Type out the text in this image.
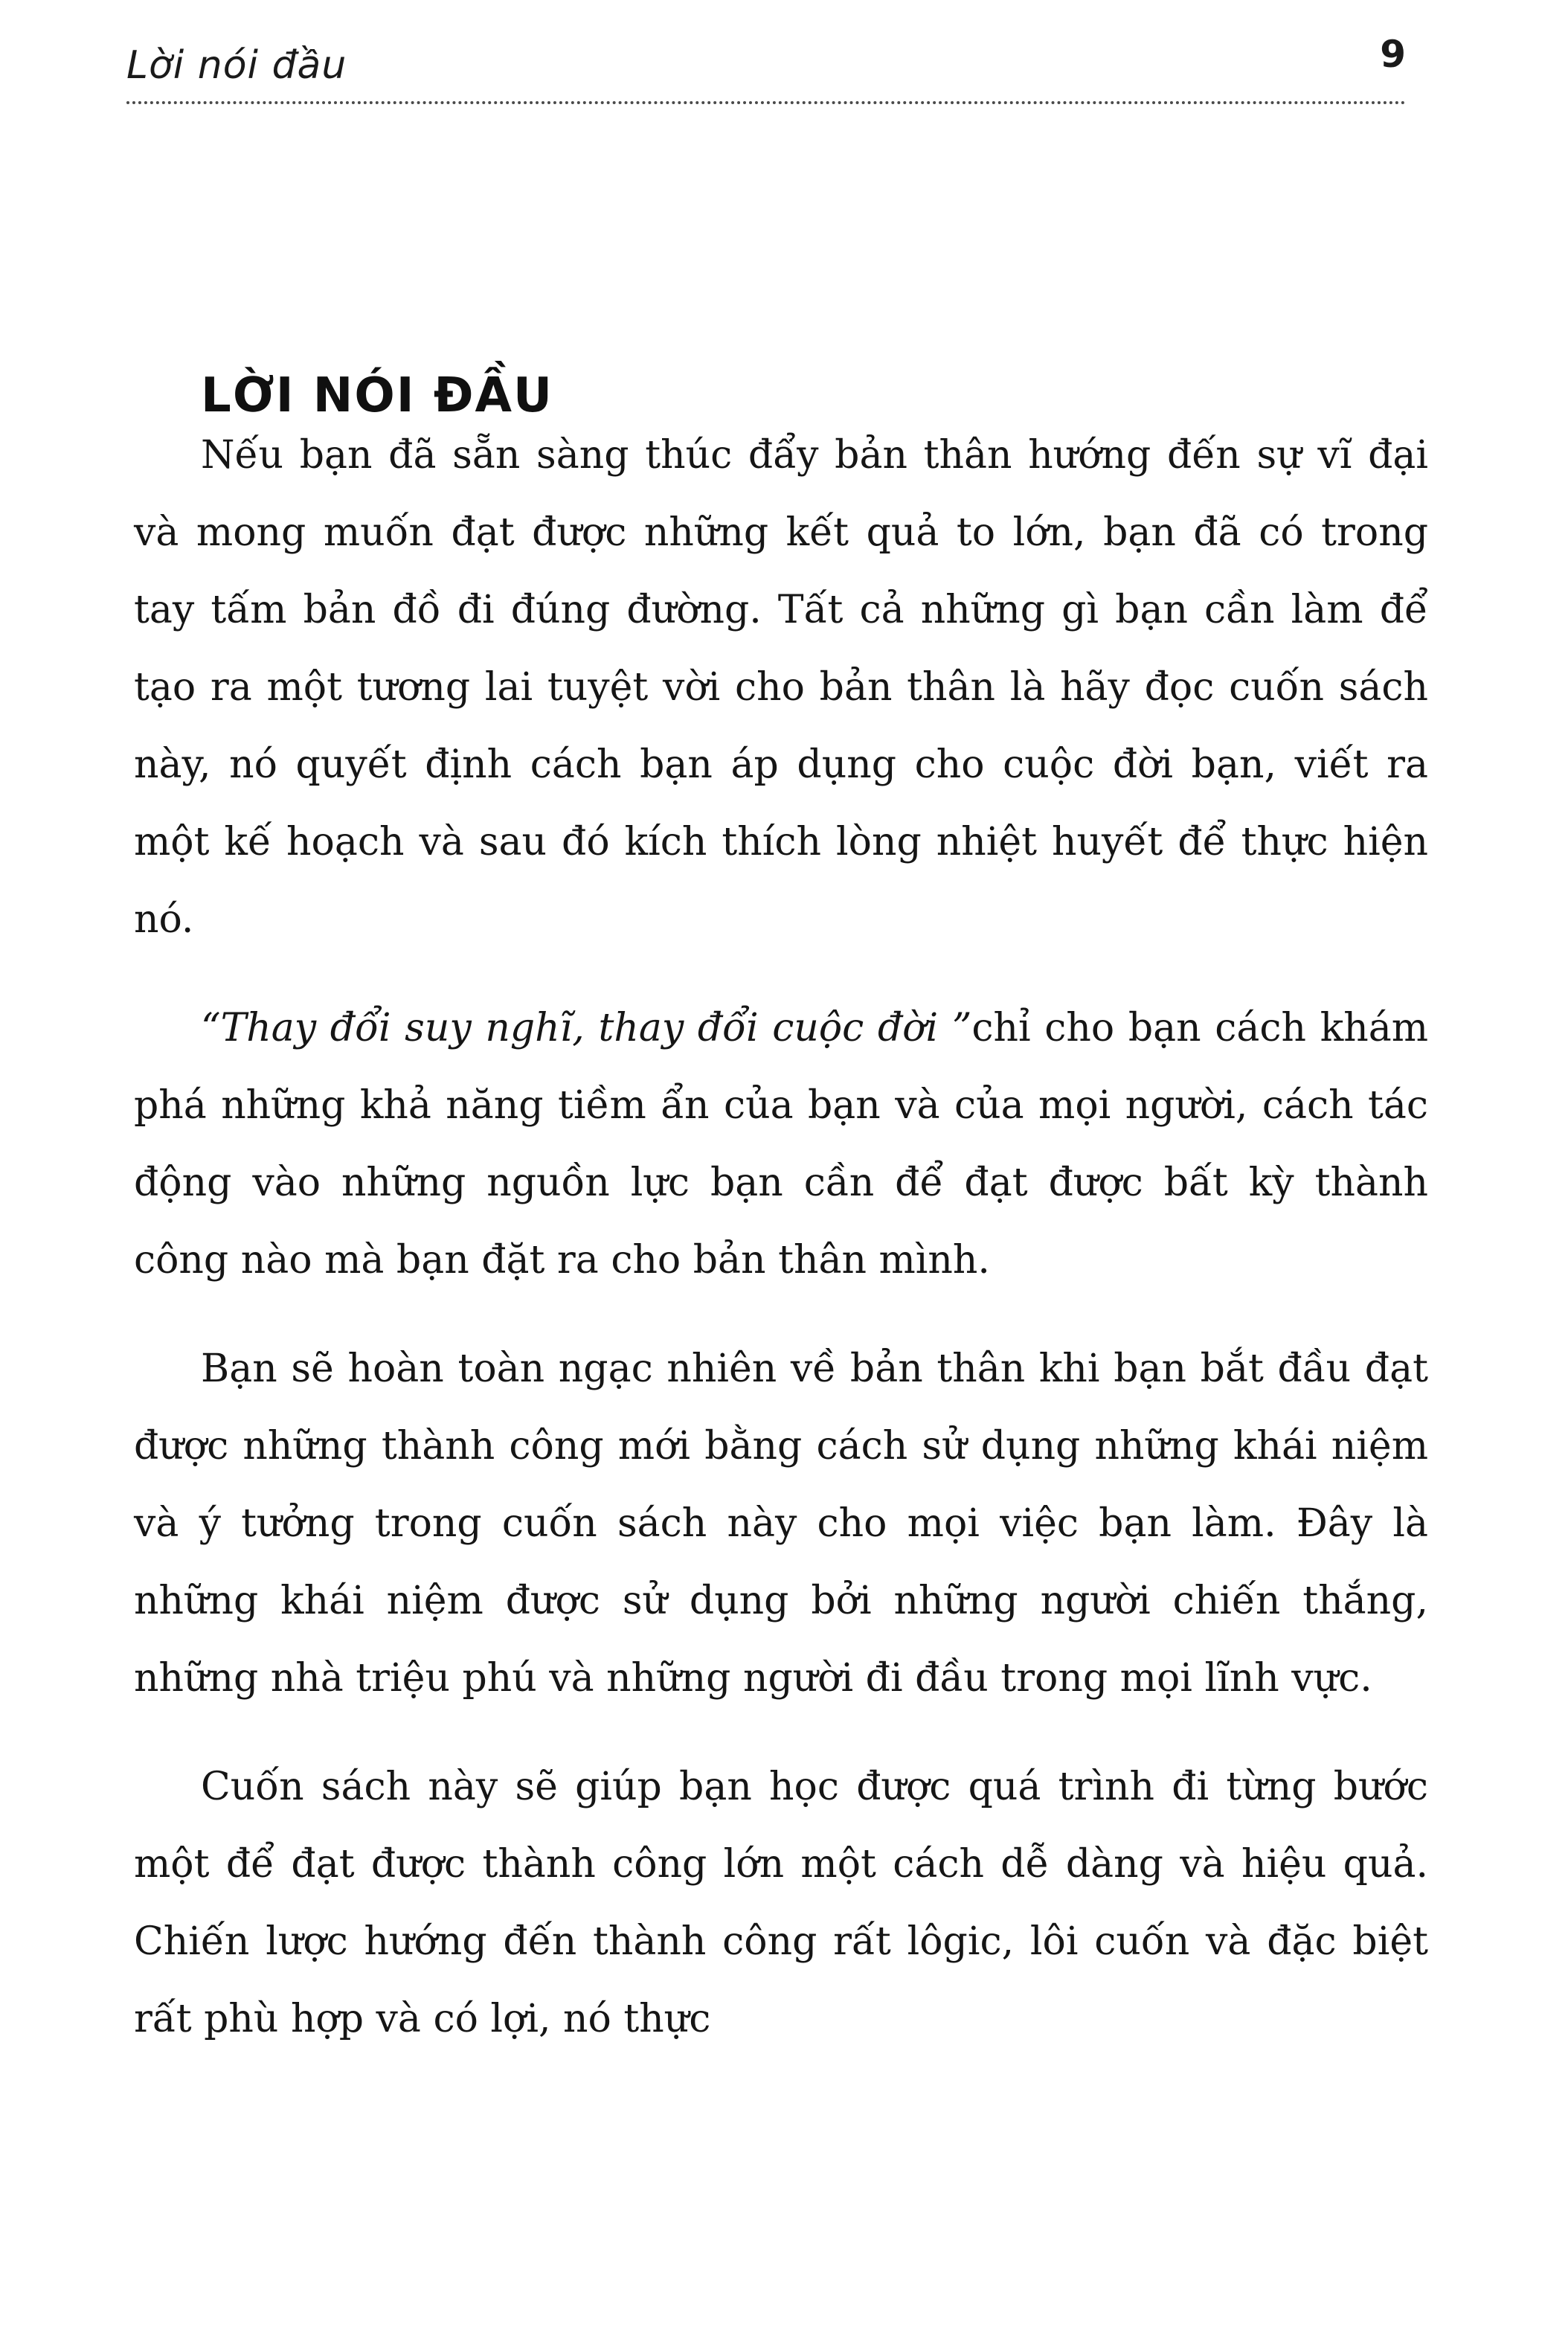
Lời nói đầu	9
LỜI NÓI ĐẦU

Nếu bạn đã sẵn sàng thúc đẩy bản thân hướng đến sự vĩ đại và mong muốn đạt được những kết quả to lớn, bạn đã có trong tay tấm bản đồ đi đúng đường. Tất cả những gì bạn cần làm để tạo ra một tương lai tuyệt vời cho bản thân là hãy đọc cuốn sách này, nó quyết định cách bạn áp dụng cho cuộc đời bạn, viết ra một kế hoạch và sau đó kích thích lòng nhiệt huyết để thực hiện nó.

“Thay đổi suy nghĩ, thay đổi cuộc đời ”chỉ cho bạn cách khám phá những khả năng tiềm ẩn của bạn và của mọi người, cách tác động vào những nguồn lực bạn cần để đạt được bất kỳ thành công nào mà bạn đặt ra cho bản thân mình.

Bạn sẽ hoàn toàn ngạc nhiên về bản thân khi bạn bắt đầu đạt được những thành công mới bằng cách sử dụng những khái niệm và ý tưởng trong cuốn sách này cho mọi việc bạn làm. Đây là những khái niệm được sử dụng bởi những người chiến thắng, những nhà triệu phú và những người đi đầu trong mọi lĩnh vực.

Cuốn sách này sẽ giúp bạn học được quá trình đi từng bước một để đạt được thành công lớn một cách dễ dàng và hiệu quả. Chiến lược hướng đến thành công rất lôgic, lôi cuốn và đặc biệt rất phù hợp và có lợi, nó thực
